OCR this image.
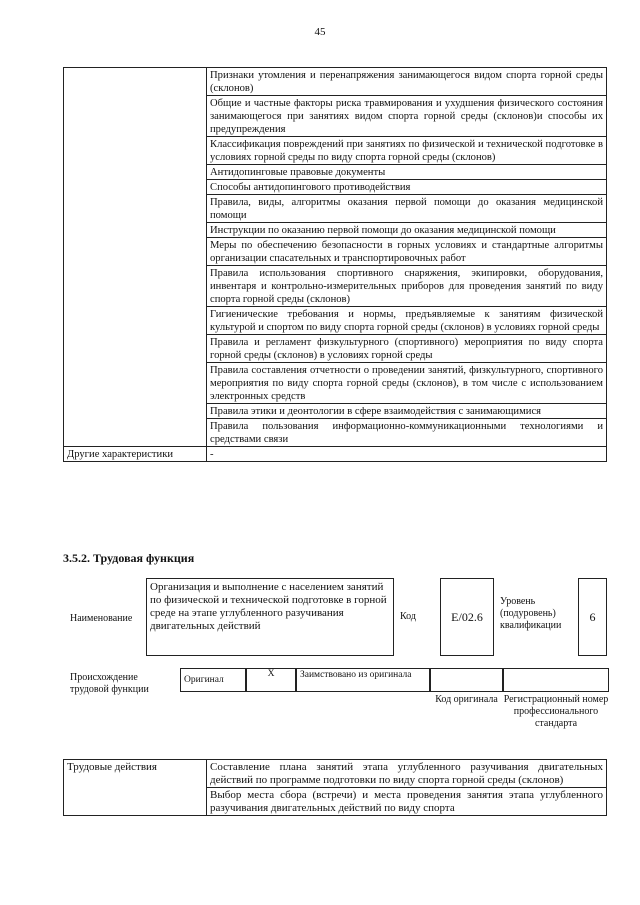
45
	Признаки утомления и перенапряжения занимающегося видом спорта горной среды (склонов)
	Общие и частные факторы риска травмирования и ухудшения физического состояния занимающегося при занятиях видом спорта горной среды (склонов)и способы их предупреждения
	Классификация повреждений при занятиях по физической и технической подготовке в условиях горной среды по виду спорта горной среды (склонов)
	Антидопинговые правовые документы
	Способы антидопингового противодействия
	Правила, виды, алгоритмы оказания первой помощи до оказания медицинской помощи
	Инструкции по оказанию первой помощи до оказания медицинской помощи
	Меры по обеспечению безопасности в горных условиях и стандартные алгоритмы организации спасательных и транспортировочных работ
	Правила использования спортивного снаряжения, экипировки, оборудования, инвентаря и контрольно-измерительных приборов для проведения занятий по виду спорта горной среды (склонов)
	Гигиенические требования и нормы, предъявляемые к занятиям физической культурой и спортом по виду спорта горной среды (склонов) в условиях горной среды
	Правила и регламент физкультурного (спортивного) мероприятия по виду спорта горной среды (склонов) в условиях горной среды
	Правила составления отчетности о проведении занятий, физкультурного, спортивного мероприятия по виду спорта горной среды (склонов), в том числе с использованием электронных средств
	Правила этики и деонтологии в сфере взаимодействия с занимающимися
	Правила пользования информационно-коммуникационными технологиями и средствами связи
Другие характеристики	-
3.5.2. Трудовая функция
Наименование
Организация и выполнение с населением занятий по физической и технической подготовке в горной среде на этапе углубленного разучивания двигательных действий
Код	E/02.6
Уровень (подуровень) квалификации
6
Происхождение трудовой функции
Оригинал
X	Заимствовано из оригинала
Код оригинала Регистрационный номер профессионального стандарта
Трудовые действия	Составление плана занятий этапа углубленного разучивания двигательных действий по программе подготовки по виду спорта горной среды (склонов)
Выбор места сбора (встречи) и места проведения занятия этапа углубленного разучивания двигательных действий по виду спорта
